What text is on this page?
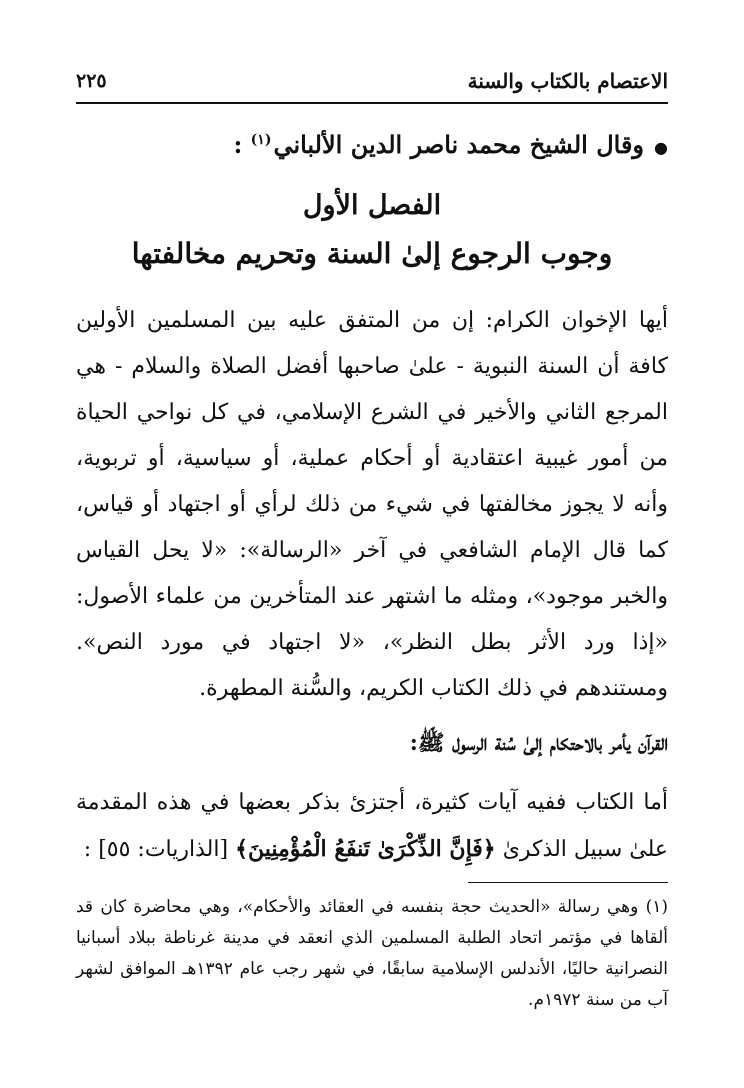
الاعتصام بالكتاب والسنة
٢٢٥
●
وقال الشيخ محمد ناصر الدين الألباني$^{(١)}$ :
الفصل الأول
وجوب الرجوع إلىٰ السنة وتحريم مخالفتها

أيها الإخوان الكرام: إن من المتفق عليه بين المسلمين الأولين كافة أن السنة النبوية - علىٰ صاحبها أفضل الصلاة والسلام - هي المرجع الثاني والأخير في الشرع الإسلامي، في كل نواحي الحياة من أمور غيبية اعتقادية أو أحكام عملية، أو سياسية، أو تربوية، وأنه لا يجوز مخالفتها في شيء من ذلك لرأي أو اجتهاد أو قياس، كما قال الإمام الشافعي في آخر «الرسالة»: «لا يحل القياس والخبر موجود»، ومثله ما اشتهر عند المتأخرين من علماء الأصول: «إذا ورد الأثر بطل النظر»، «لا اجتهاد في مورد النص». ومستندهم في ذلك الكتاب الكريم، والسُّنة المطهرة.

القرآن يأمر بالاحتكام إلىٰ سُنة الرسول ﷺ:

أما الكتاب ففيه آيات كثيرة، أجتزئ بذكر بعضها في هذه المقدمة علىٰ سبيل الذكرىٰ ﴿فَإِنَّ الذِّكْرَىٰ تَنفَعُ الْمُؤْمِنِينَ﴾ [الذاريات: ٥٥] :

(١) وهي رسالة «الحديث حجة بنفسه في العقائد والأحكام»، وهي محاضرة كان قد ألقاها في مؤتمر اتحاد الطلبة المسلمين الذي انعقد في مدينة غرناطة ببلاد أسبانيا النصرانية حاليًا، الأندلس الإسلامية سابقًا، في شهر رجب عام ١٣٩٢هـ الموافق لشهر آب من سنة ١٩٧٢م.
